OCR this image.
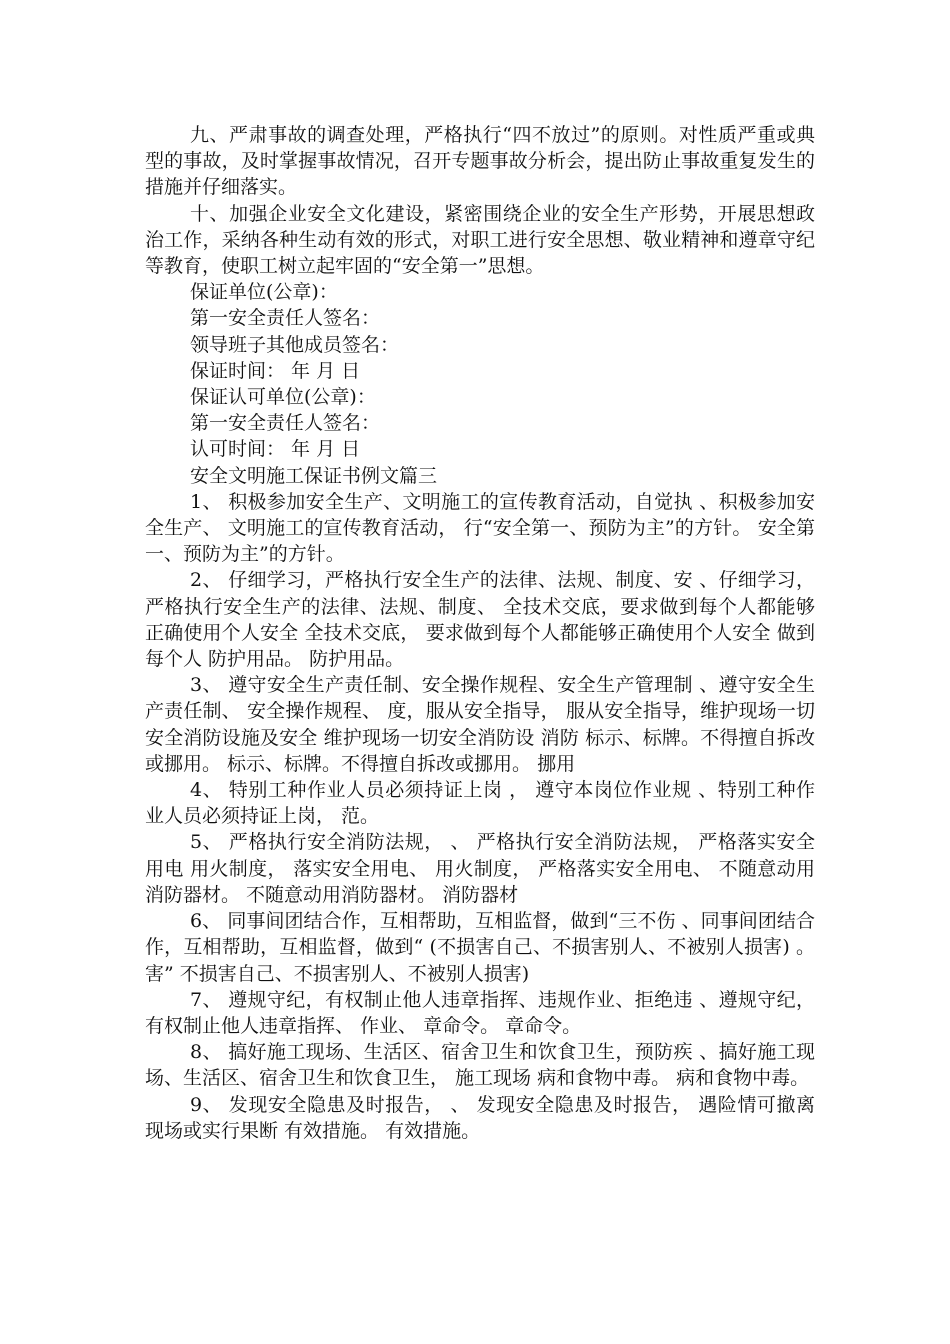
九、严肃事故的调查处理，严格执行“四不放过”的原则。对性质严重或典型的事故，及时掌握事故情况，召开专题事故分析会，提出防止事故重复发生的措施并仔细落实。

十、加强企业安全文化建设，紧密围绕企业的安全生产形势，开展思想政治工作，采纳各种生动有效的形式，对职工进行安全思想、敬业精神和遵章守纪等教育，使职工树立起牢固的“安全第一”思想。

保证单位(公章)：

第一安全责任人签名：

领导班子其他成员签名：

保证时间： 年 月 日

保证认可单位(公章)：

第一安全责任人签名：

认可时间： 年 月 日

安全文明施工保证书例文篇三

1、 积极参加安全生产、文明施工的宣传教育活动，自觉执 、积极参加安全生产、 文明施工的宣传教育活动， 行“安全第一、预防为主”的方针。 安全第一、预防为主”的方针。

2、 仔细学习，严格执行安全生产的法律、法规、制度、安 、仔细学习，严格执行安全生产的法律、法规、制度、 全技术交底，要求做到每个人都能够正确使用个人安全 全技术交底， 要求做到每个人都能够正确使用个人安全 做到每个人 防护用品。 防护用品。

3、 遵守安全生产责任制、安全操作规程、安全生产管理制 、遵守安全生产责任制、 安全操作规程、 度，服从安全指导， 服从安全指导，维护现场一切安全消防设施及安全 维护现场一切安全消防设 消防 标示、标牌。不得擅自拆改或挪用。 标示、标牌。不得擅自拆改或挪用。 挪用

4、 特别工种作业人员必须持证上岗 ， 遵守本岗位作业规 、特别工种作业人员必须持证上岗， 范。

5、 严格执行安全消防法规， 、 严格执行安全消防法规， 严格落实安全用电 用火制度， 落实安全用电、 用火制度， 严格落实安全用电、 不随意动用消防器材。 不随意动用消防器材。 消防器材

6、 同事间团结合作，互相帮助，互相监督，做到“三不伤 、同事间团结合作，互相帮助，互相监督，做到“ (不损害自己、不损害别人、不被别人损害) 。 害” 不损害自己、不损害别人、不被别人损害)

7、 遵规守纪，有权制止他人违章指挥、违规作业、拒绝违 、遵规守纪，有权制止他人违章指挥、 作业、 章命令。 章命令。

8、 搞好施工现场、生活区、宿舍卫生和饮食卫生，预防疾 、搞好施工现场、生活区、宿舍卫生和饮食卫生， 施工现场 病和食物中毒。 病和食物中毒。

9、 发现安全隐患及时报告， 、 发现安全隐患及时报告， 遇险情可撤离现场或实行果断 有效措施。 有效措施。
